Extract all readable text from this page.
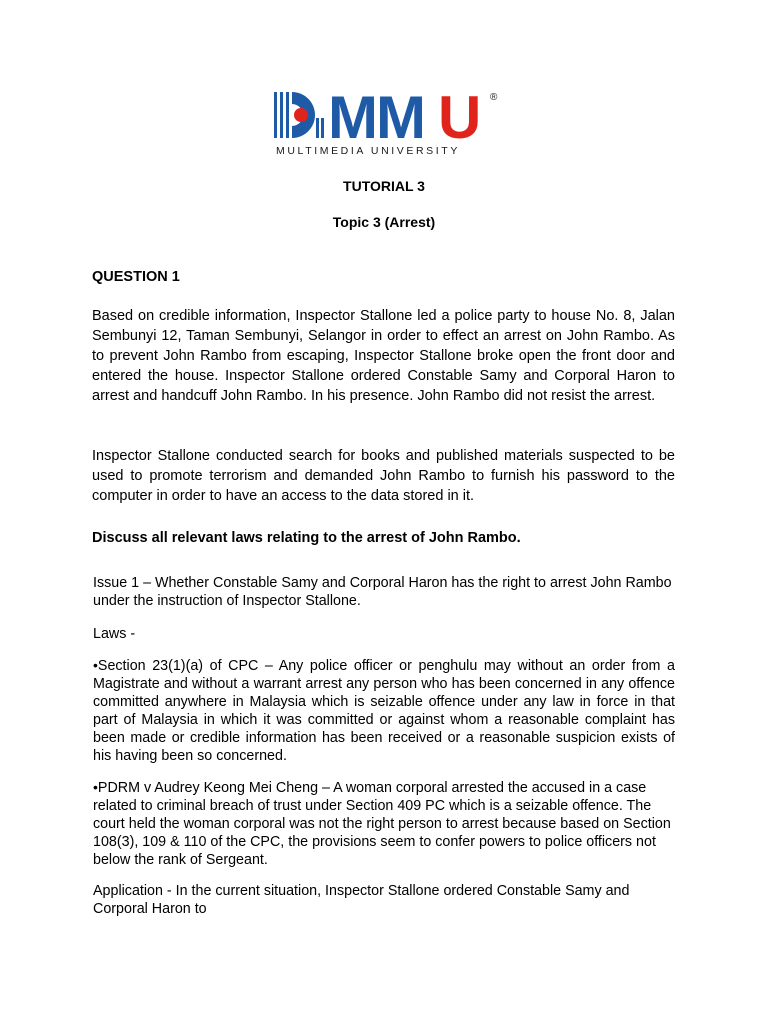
MM U ®
MULTIMEDIA UNIVERSITY
TUTORIAL 3
Topic 3 (Arrest)
QUESTION 1

Based on credible information, Inspector Stallone led a police party to house No. 8, Jalan Sembunyi 12, Taman Sembunyi, Selangor in order to effect an arrest on John Rambo. As to prevent John Rambo from escaping, Inspector Stallone broke open the front door and entered the house. Inspector Stallone ordered Constable Samy and Corporal Haron to arrest and handcuff John Rambo. In his presence. John Rambo did not resist the arrest.

Inspector Stallone conducted search for books and published materials suspected to be used to promote terrorism and demanded John Rambo to furnish his password to the computer in order to have an access to the data stored in it.

Discuss all relevant laws relating to the arrest of John Rambo.

Issue 1 – Whether Constable Samy and Corporal Haron has the right to arrest John Rambo under the instruction of Inspector Stallone.

Laws -

•Section 23(1)(a) of CPC – Any police officer or penghulu may without an order from a Magistrate and without a warrant arrest any person who has been concerned in any offence committed anywhere in Malaysia which is seizable offence under any law in force in that part of Malaysia in which it was committed or against whom a reasonable complaint has been made or credible information has been received or a reasonable suspicion exists of his having been so concerned.

•PDRM v Audrey Keong Mei Cheng – A woman corporal arrested the accused in a case related to criminal breach of trust under Section 409 PC which is a seizable offence. The court held the woman corporal was not the right person to arrest because based on Section 108(3), 109 & 110 of the CPC, the provisions seem to confer powers to police officers not below the rank of Sergeant.

Application - In the current situation, Inspector Stallone ordered Constable Samy and Corporal Haron to
